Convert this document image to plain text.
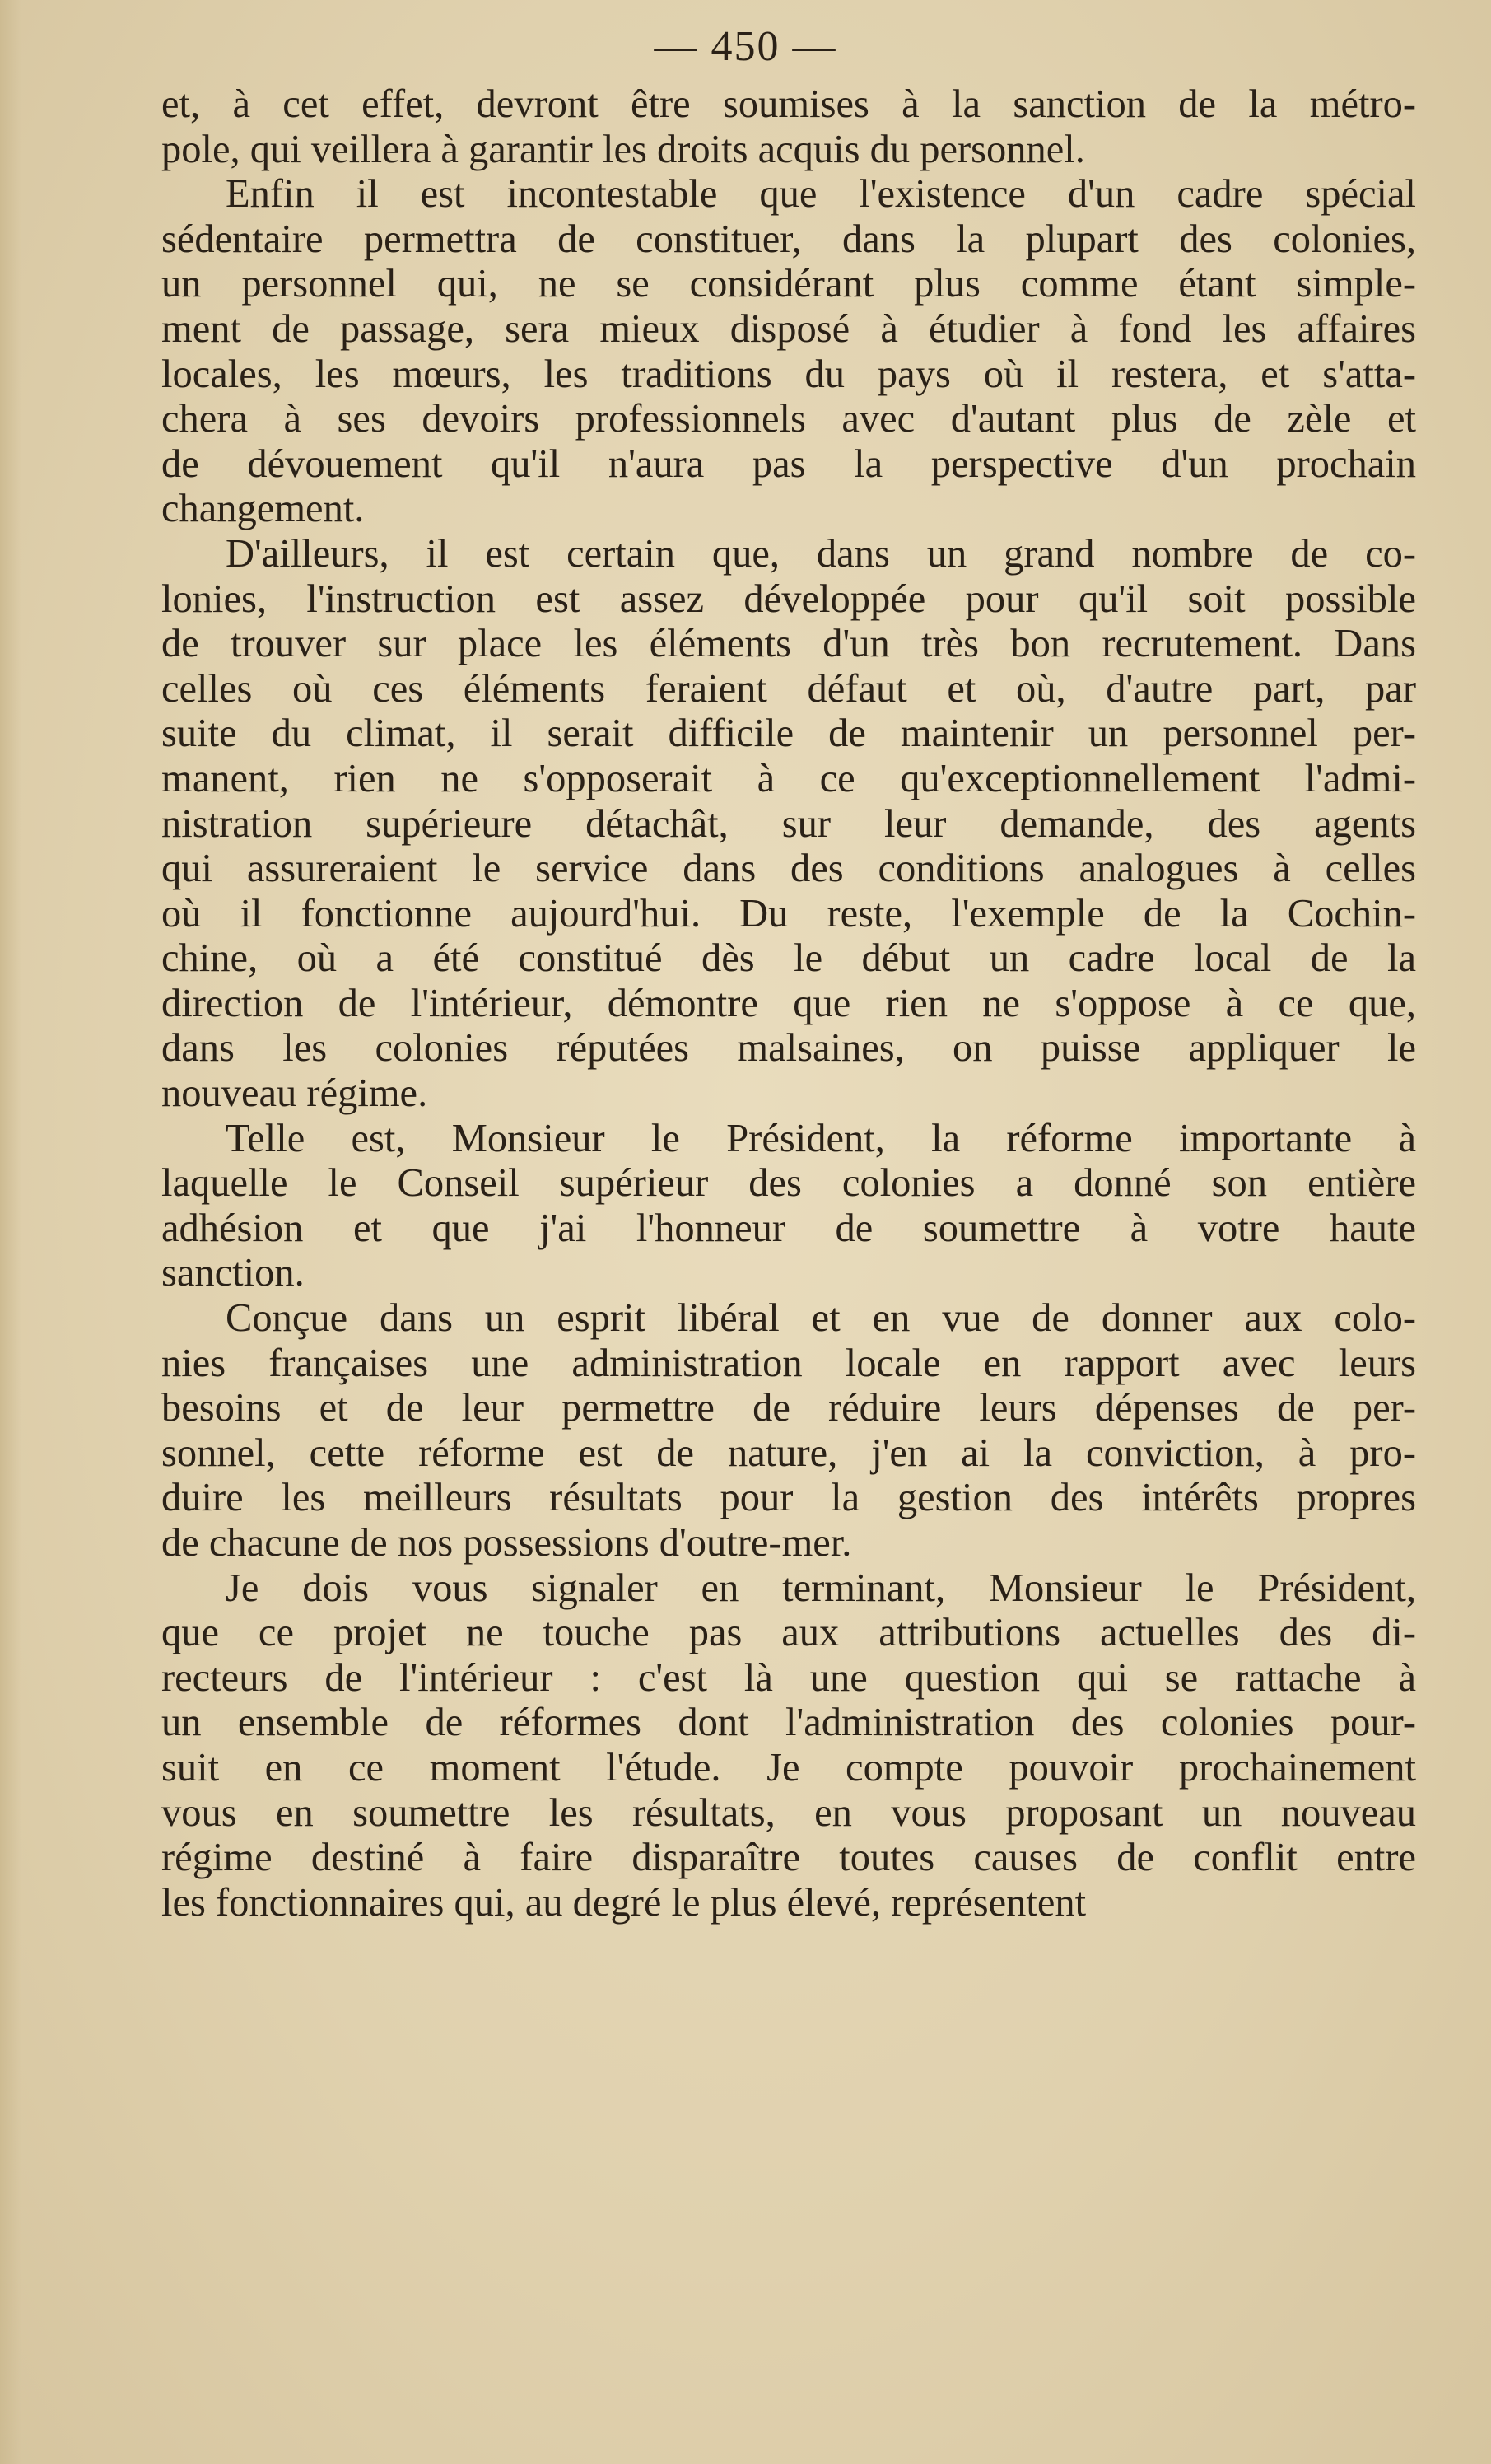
— 450 —
et, à cet effet, devront être soumises à la sanction de la métro-
pole, qui veillera à garantir les droits acquis du personnel.
Enfin il est incontestable que l'existence d'un cadre spécial
sédentaire permettra de constituer, dans la plupart des colonies,
un personnel qui, ne se considérant plus comme étant simple-
ment de passage, sera mieux disposé à étudier à fond les affaires
locales, les mœurs, les traditions du pays où il restera, et s'atta-
chera à ses devoirs professionnels avec d'autant plus de zèle et
de dévouement qu'il n'aura pas la perspective d'un prochain
changement.
D'ailleurs, il est certain que, dans un grand nombre de co-
lonies, l'instruction est assez développée pour qu'il soit possible
de trouver sur place les éléments d'un très bon recrutement. Dans
celles où ces éléments feraient défaut et où, d'autre part, par
suite du climat, il serait difficile de maintenir un personnel per-
manent, rien ne s'opposerait à ce qu'exceptionnellement l'admi-
nistration supérieure détachât, sur leur demande, des agents
qui assureraient le service dans des conditions analogues à celles
où il fonctionne aujourd'hui. Du reste, l'exemple de la Cochin-
chine, où a été constitué dès le début un cadre local de la
direction de l'intérieur, démontre que rien ne s'oppose à ce que,
dans les colonies réputées malsaines, on puisse appliquer le
nouveau régime.
Telle est, Monsieur le Président, la réforme importante à
laquelle le Conseil supérieur des colonies a donné son entière
adhésion et que j'ai l'honneur de soumettre à votre haute
sanction.
Conçue dans un esprit libéral et en vue de donner aux colo-
nies françaises une administration locale en rapport avec leurs
besoins et de leur permettre de réduire leurs dépenses de per-
sonnel, cette réforme est de nature, j'en ai la conviction, à pro-
duire les meilleurs résultats pour la gestion des intérêts propres
de chacune de nos possessions d'outre-mer.
Je dois vous signaler en terminant, Monsieur le Président,
que ce projet ne touche pas aux attributions actuelles des di-
recteurs de l'intérieur : c'est là une question qui se rattache à
un ensemble de réformes dont l'administration des colonies pour-
suit en ce moment l'étude. Je compte pouvoir prochainement
vous en soumettre les résultats, en vous proposant un nouveau
régime destiné à faire disparaître toutes causes de conflit entre
les fonctionnaires qui, au degré le plus élevé, représentent
